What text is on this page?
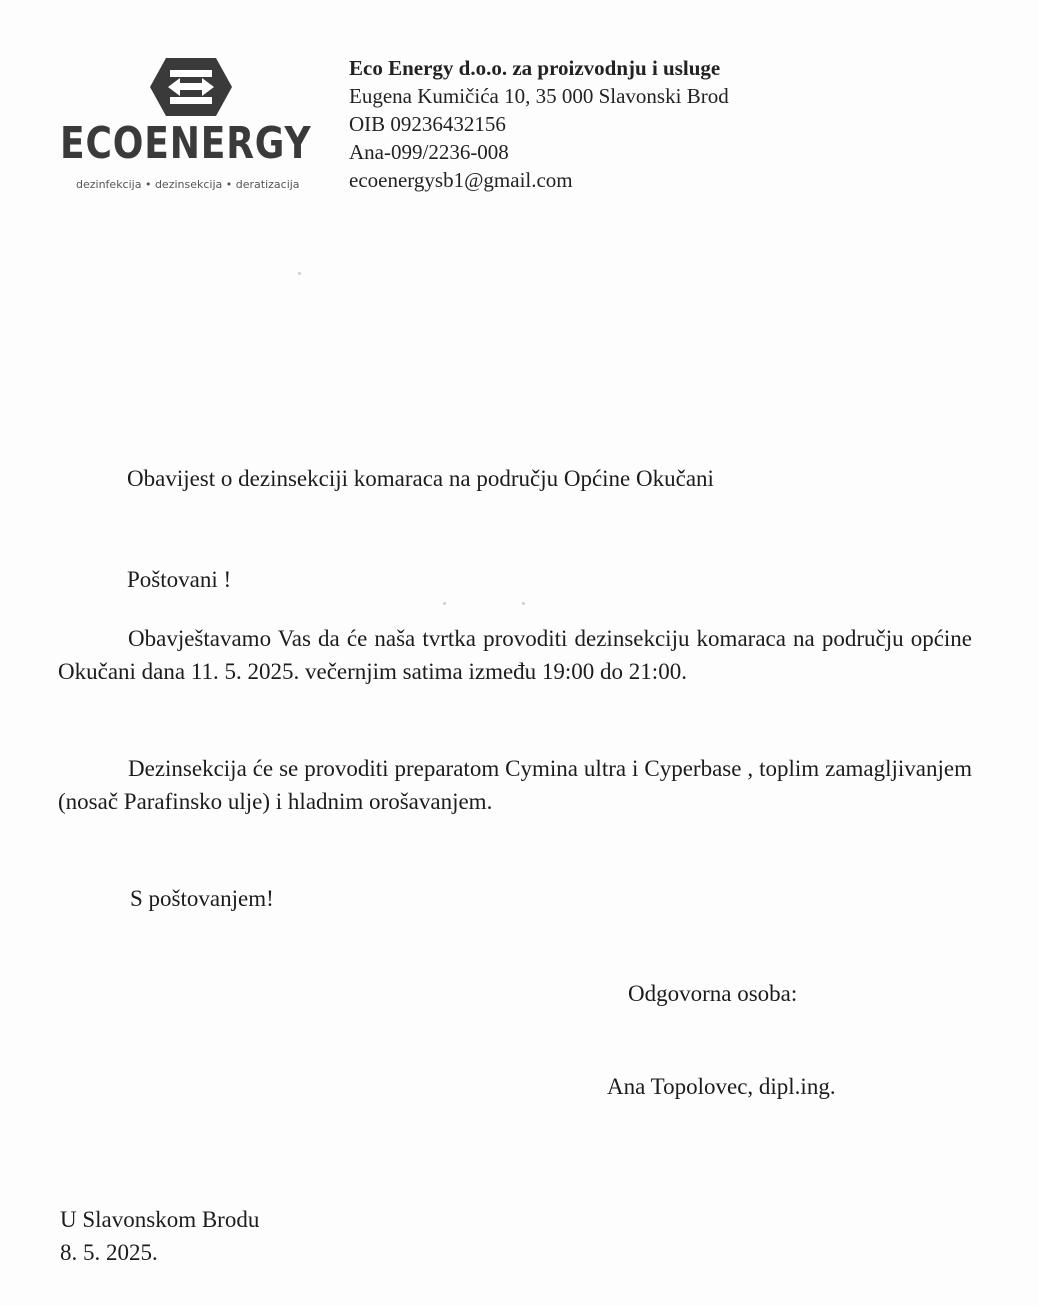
ECOENERGY
dezinfekcija • dezinsekcija • deratizacija
Eco Energy d.o.o. za proizvodnju i usluge
Eugena Kumičića 10, 35 000 Slavonski Brod
OIB 09236432156
Ana-099/2236-008
ecoenergysb1@gmail.com
Obavijest o dezinsekciji komaraca na području Općine Okučani
Poštovani !
Obavještavamo Vas da će naša tvrtka provoditi dezinsekciju komaraca na području općine Okučani dana 11. 5. 2025. večernjim satima između 19:00 do 21:00.
Dezinsekcija će se provoditi preparatom Cymina ultra i Cyperbase , toplim zamagljivanjem (nosač Parafinsko ulje) i hladnim orošavanjem.
S poštovanjem!
Odgovorna osoba:
Ana Topolovec, dipl.ing.
U Slavonskom Brodu
8. 5. 2025.
